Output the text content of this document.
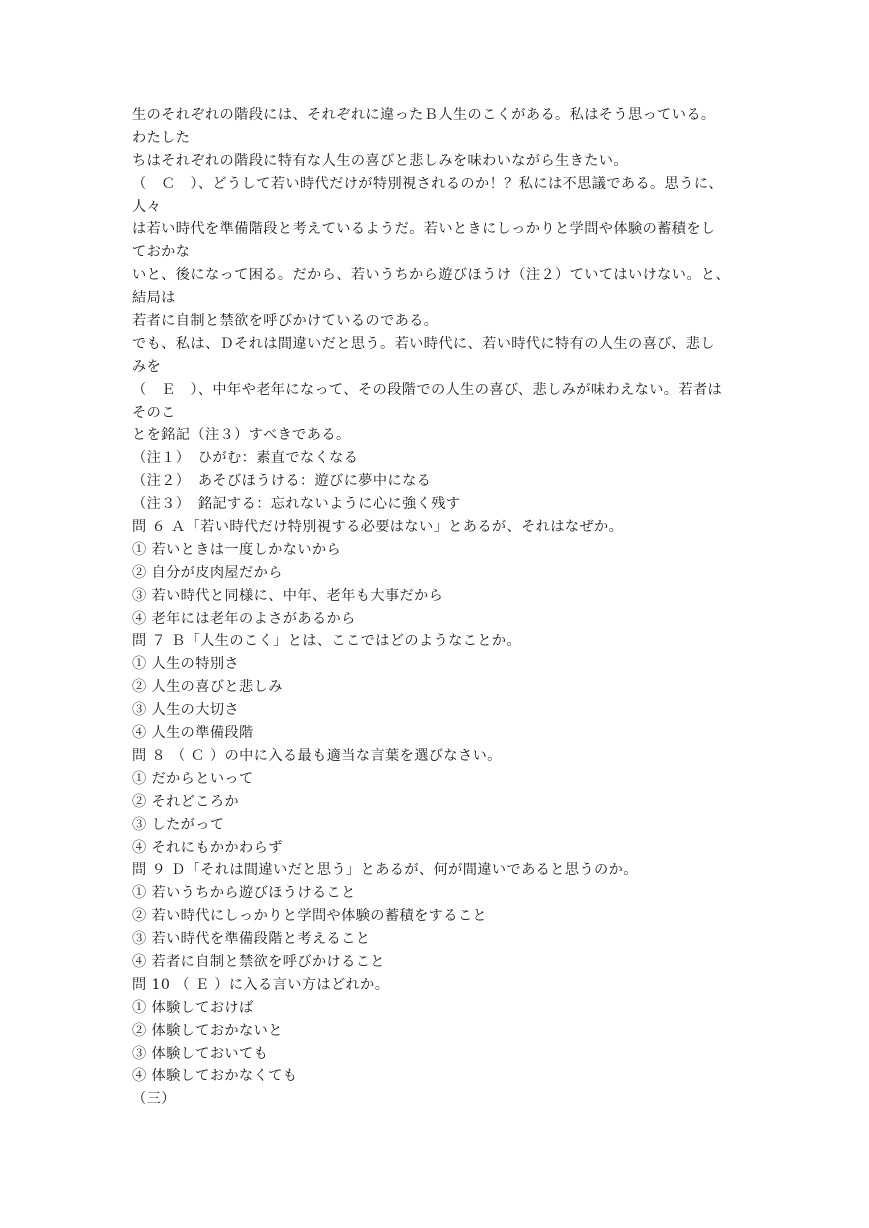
生のそれぞれの階段には、それぞれに違ったＢ人生のこくがある。私はそう思っている。
わたした
ちはそれぞれの階段に特有な人生の喜びと悲しみを味わいながら生きたい。
（　Ｃ　）、どうして若い時代だけが特別視されるのか！？私には不思議である。思うに、
人々
は若い時代を準備階段と考えているようだ。若いときにしっかりと学問や体験の蓄積をし
ておかな
いと、後になって困る。だから、若いうちから遊びほうけ（注２）ていてはいけない。と、
結局は
若者に自制と禁欲を呼びかけているのである。
でも、私は、Ｄそれは間違いだと思う。若い時代に、若い時代に特有の人生の喜び、悲し
みを
（　Ｅ　）、中年や老年になって、その段階での人生の喜び、悲しみが味わえない。若者は
そのこ
とを銘記（注３）すべきである。
（注１）　ひがむ：素直でなくなる
（注２）　あそびほうける：遊びに夢中になる
（注３）　銘記する：忘れないように心に強く残す
問 ６ Ａ「若い時代だけ特別視する必要はない」とあるが、それはなぜか。
① 若いときは一度しかないから
② 自分が皮肉屋だから
③ 若い時代と同様に、中年、老年も大事だから
④ 老年には老年のよさがあるから
問 ７ Ｂ「人生のこく」とは、ここではどのようなことか。
① 人生の特別さ
② 人生の喜びと悲しみ
③ 人生の大切さ
④ 人生の準備段階
問 ８ （ Ｃ ）の中に入る最も適当な言葉を選びなさい。
① だからといって
② それどころか
③ したがって
④ それにもかかわらず
問 ９ Ｄ「それは間違いだと思う」とあるが、何が間違いであると思うのか。
① 若いうちから遊びほうけること
② 若い時代にしっかりと学問や体験の蓄積をすること
③ 若い時代を準備段階と考えること
④ 若者に自制と禁欲を呼びかけること
問 10 （ Ｅ ）に入る言い方はどれか。
① 体験しておけば
② 体験しておかないと
③ 体験しておいても
④ 体験しておかなくても
（三）
